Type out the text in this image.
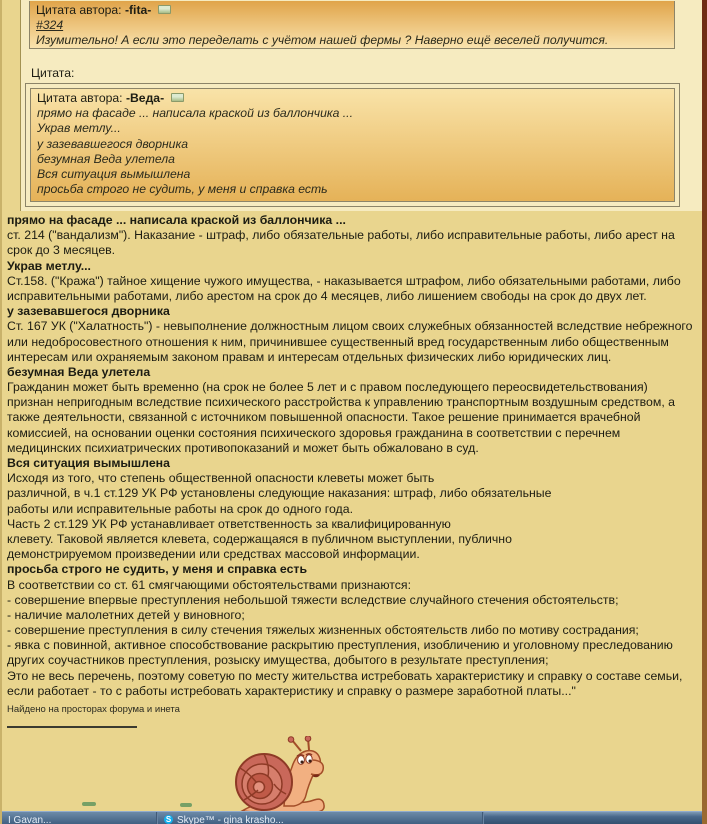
Цитата автора: -fita-
#324
Изумительно! А если это переделать с учётом нашей фермы ? Наверно ещё веселей получится.
Цитата:
Цитата автора: -Веда-
прямо на фасаде ... написала краской из баллончика ...
Украв метлу...
у зазевавшегося дворника
безумная Веда улетела
Вся ситуация вымышлена
просьба строго не судить, у меня и справка есть
прямо на фасаде ... написала краской из баллончика ...
ст. 214 ("вандализм"). Наказание - штраф, либо обязательные работы, либо исправительные работы, либо арест на
срок до 3 месяцев.
Украв метлу...
Ст.158. ("Кража") тайное хищение чужого имущества, - наказывается штрафом, либо обязательными работами, либо
исправительными работами, либо арестом на срок до 4 месяцев, либо лишением свободы на срок до двух лет.
у зазевавшегося дворника
Ст. 167 УК ("Халатность") - невыполнение должностным лицом своих служебных обязанностей вследствие небрежного
или недобросовестного отношения к ним, причинившее существенный вред государственным либо общественным
интересам или охраняемым законом правам и интересам отдельных физических либо юридических лиц.
безумная Веда улетела
Гражданин может быть временно (на срок не более 5 лет и с правом последующего переосвидетельствования)
признан непригодным вследствие психического расстройства к управлению транспортным воздушным средством, а
также деятельности, связанной с источником повышенной опасности. Такое решение принимается врачебной
комиссией, на основании оценки состояния психического здоровья гражданина в соответствии с перечнем
медицинских психиатрических противопоказаний и может быть обжаловано в суд.
Вся ситуация вымышлена
Исходя из того, что степень общественной опасности клеветы может быть
различной, в ч.1 ст.129 УК РФ установлены следующие наказания: штраф, либо обязательные
работы или исправительные работы на срок до одного года.
Часть 2 ст.129 УК РФ устанавливает ответственность за квалифицированную
клевету. Таковой является клевета, содержащаяся в публичном выступлении, публично
демонстрируемом произведении или средствах массовой информации.
просьба строго не судить, у меня и справка есть
В соответствии со ст. 61 смягчающими обстоятельствами признаются:
- совершение впервые преступления небольшой тяжести вследствие случайного стечения обстоятельств;
- наличие малолетних детей у виновного;
- совершение преступления в силу стечения тяжелых жизненных обстоятельств либо по мотиву сострадания;
- явка с повинной, активное способствование раскрытию преступления, изобличению и уголовному преследованию
других соучастников преступления, розыску имущества, добытого в результате преступления;
Это не весь перечень, поэтому советую по месту жительства истребовать характеристику и справку о составе семьи,
если работает - то с работы истребовать характеристику и справку о размере заработной платы..."
Найдено на просторах форума и инета
I Gavan...	S Skype™ - gina krasho...
